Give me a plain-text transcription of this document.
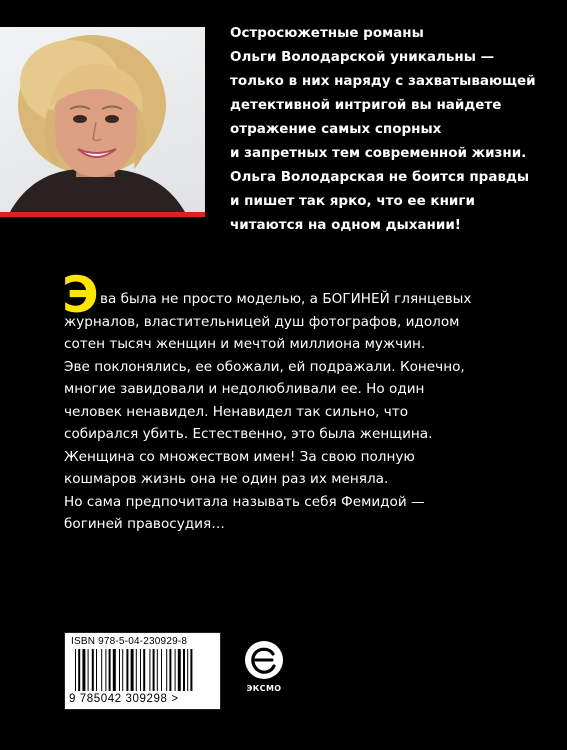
Остросюжетные романы
Ольги Володарской уникальны —
только в них наряду с захватывающей
детективной интригой вы найдете
отражение самых спорных
и запретных тем современной жизни.
Ольга Володарская не боится правды
и пишет так ярко, что ее книги
читаются на одном дыхании!
Э ва была не просто моделью, а БОГИНЕЙ глянцевых
журналов, властительницей душ фотографов, идолом
сотен тысяч женщин и мечтой миллиона мужчин.
Эве поклонялись, ее обожали, ей подражали. Конечно,
многие завидовали и недолюбливали ее. Но один
человек ненавидел. Ненавидел так сильно, что
собирался убить. Естественно, это была женщина.
Женщина со множеством имен! За свою полную
кошмаров жизнь она не один раз их меняла.
Но сама предпочитала называть себя Фемидой —
богиней правосудия…
ISBN 978-5-04-230929-8
9 785042 309298 >
ЭКСМО
